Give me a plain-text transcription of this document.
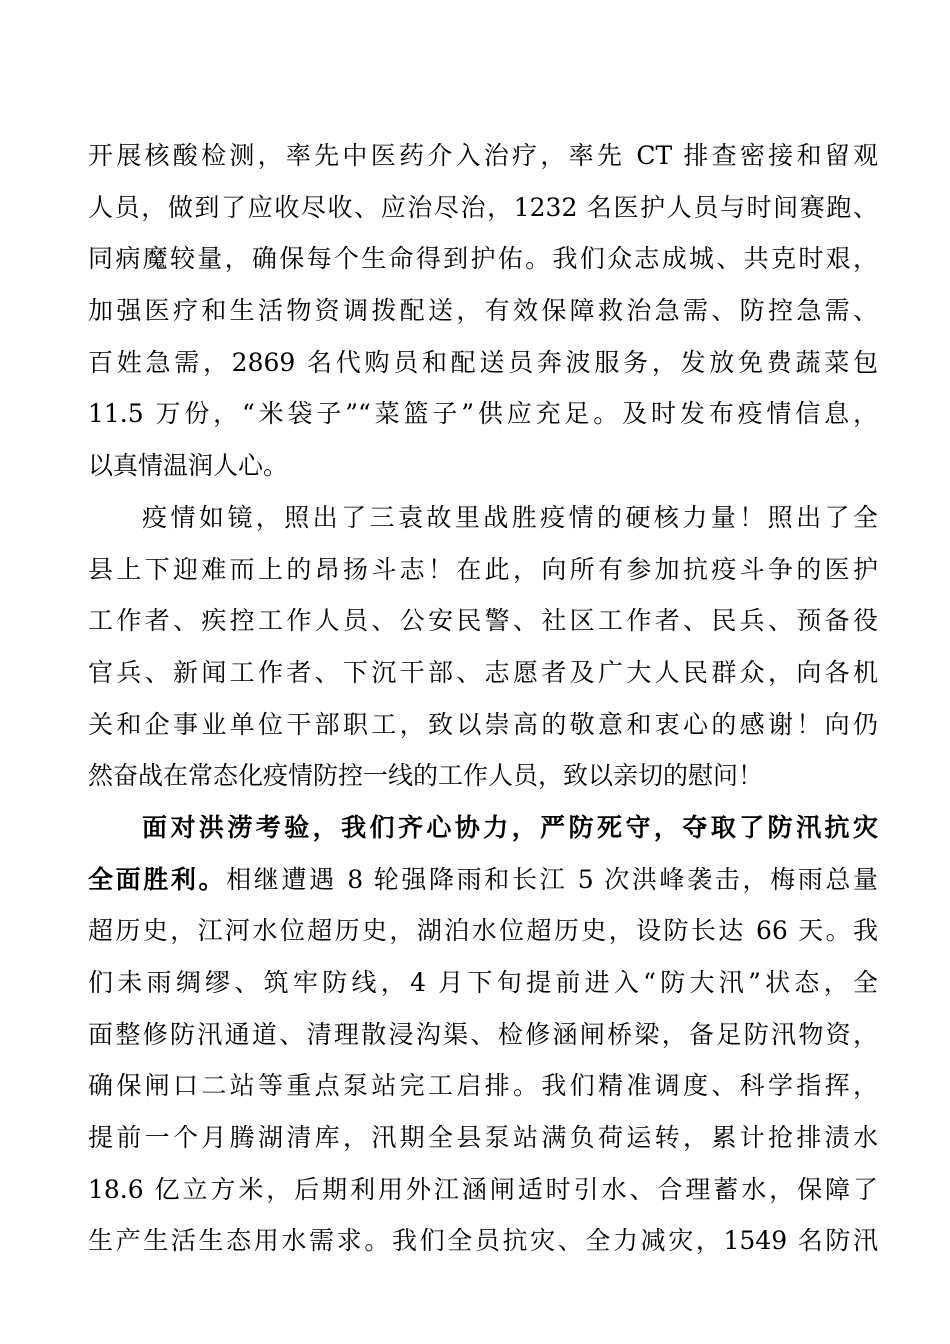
开展核酸检测，率先中医药介入治疗，率先 CT 排查密接和留观
人员，做到了应收尽收、应治尽治，1232 名医护人员与时间赛跑、
同病魔较量，确保每个生命得到护佑。我们众志成城、共克时艰，
加强医疗和生活物资调拨配送，有效保障救治急需、防控急需、
百姓急需，2869 名代购员和配送员奔波服务，发放免费蔬菜包
11.5 万份，“米袋子”“菜篮子”供应充足。及时发布疫情信息，
以真情温润人心。
疫情如镜，照出了三袁故里战胜疫情的硬核力量！照出了全
县上下迎难而上的昂扬斗志！在此，向所有参加抗疫斗争的医护
工作者、疾控工作人员、公安民警、社区工作者、民兵、预备役
官兵、新闻工作者、下沉干部、志愿者及广大人民群众，向各机
关和企事业单位干部职工，致以崇高的敬意和衷心的感谢！向仍
然奋战在常态化疫情防控一线的工作人员，致以亲切的慰问！
面对洪涝考验，我们齐心协力，严防死守，夺取了防汛抗灾
全面胜利。相继遭遇 8 轮强降雨和长江 5 次洪峰袭击，梅雨总量
超历史，江河水位超历史，湖泊水位超历史，设防长达 66 天。我
们未雨绸缪、筑牢防线，4 月下旬提前进入“防大汛”状态，全
面整修防汛通道、清理散浸沟渠、检修涵闸桥梁，备足防汛物资，
确保闸口二站等重点泵站完工启排。我们精准调度、科学指挥，
提前一个月腾湖清库，汛期全县泵站满负荷运转，累计抢排渍水
18.6 亿立方米，后期利用外江涵闸适时引水、合理蓄水，保障了
生产生活生态用水需求。我们全员抗灾、全力减灾，1549 名防汛
